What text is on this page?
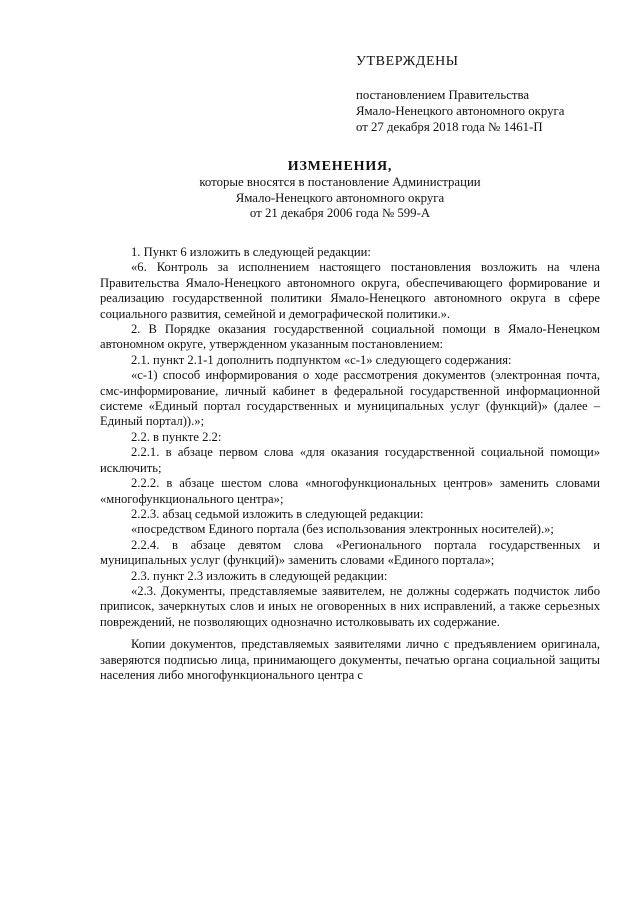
УТВЕРЖДЕНЫ
постановлением Правительства
Ямало-Ненецкого автономного округа
от 27 декабря 2018 года № 1461-П
ИЗМЕНЕНИЯ,
которые вносятся в постановление Администрации
Ямало-Ненецкого автономного округа
от 21 декабря 2006 года № 599-А

1. Пункт 6 изложить в следующей редакции:

«6. Контроль за исполнением настоящего постановления возложить на члена Правительства Ямало-Ненецкого автономного округа, обеспечивающего формирование и реализацию государственной политики Ямало-Ненецкого автономного округа в сфере социального развития, семейной и демографической политики.».

2. В Порядке оказания государственной социальной помощи в Ямало-Ненецком автономном округе, утвержденном указанным постановлением:

2.1. пункт 2.1-1 дополнить подпунктом «с-1» следующего содержания:

«с-1) способ информирования о ходе рассмотрения документов (электронная почта, смс-информирование, личный кабинет в федеральной государственной информационной системе «Единый портал государственных и муниципальных услуг (функций)» (далее – Единый портал)).»;

2.2. в пункте 2.2:

2.2.1. в абзаце первом слова «для оказания государственной социальной помощи» исключить;

2.2.2. в абзаце шестом слова «многофункциональных центров» заменить словами «многофункционального центра»;

2.2.3. абзац седьмой изложить в следующей редакции:

«посредством Единого портала (без использования электронных носителей).»;

2.2.4. в абзаце девятом слова «Регионального портала государственных и муниципальных услуг (функций)» заменить словами «Единого портала»;

2.3. пункт 2.3 изложить в следующей редакции:

«2.3. Документы, представляемые заявителем, не должны содержать подчисток либо приписок, зачеркнутых слов и иных не оговоренных в них исправлений, а также серьезных повреждений, не позволяющих однозначно истолковывать их содержание.

Копии документов, представляемых заявителями лично с предъявлением оригинала, заверяются подписью лица, принимающего документы, печатью органа социальной защиты населения либо многофункционального центра с
